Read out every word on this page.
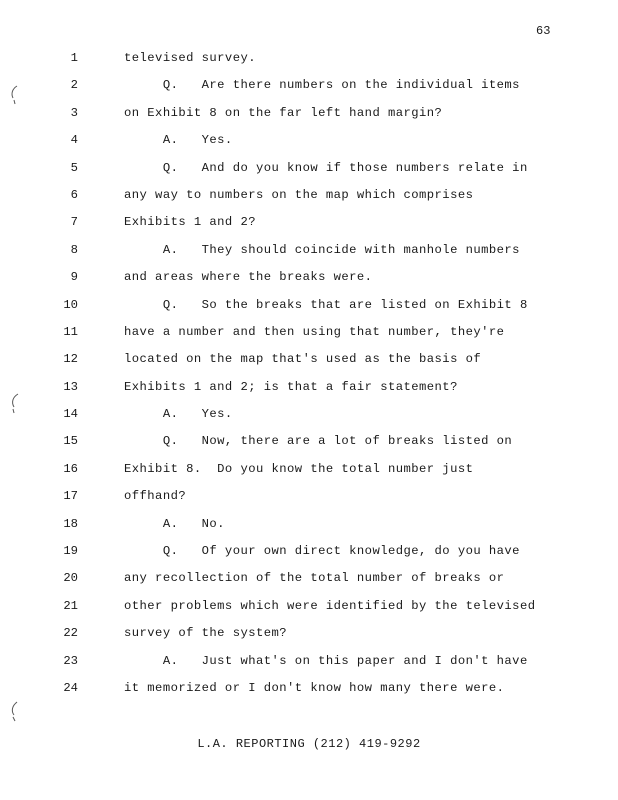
63
1	televised survey.
2	Q.   Are there numbers on the individual items
3	on Exhibit 8 on the far left hand margin?
4	A.   Yes.
5	Q.   And do you know if those numbers relate in
6	any way to numbers on the map which comprises
7	Exhibits 1 and 2?
8	A.   They should coincide with manhole numbers
9	and areas where the breaks were.
10	Q.   So the breaks that are listed on Exhibit 8
11	have a number and then using that number, they're
12	located on the map that's used as the basis of
13	Exhibits 1 and 2; is that a fair statement?
14	A.   Yes.
15	Q.   Now, there are a lot of breaks listed on
16	Exhibit 8.  Do you know the total number just
17	offhand?
18	A.   No.
19	Q.   Of your own direct knowledge, do you have
20	any recollection of the total number of breaks or
21	other problems which were identified by the televised
22	survey of the system?
23	A.   Just what's on this paper and I don't have
24	it memorized or I don't know how many there were.
L.A. REPORTING (212) 419-9292
